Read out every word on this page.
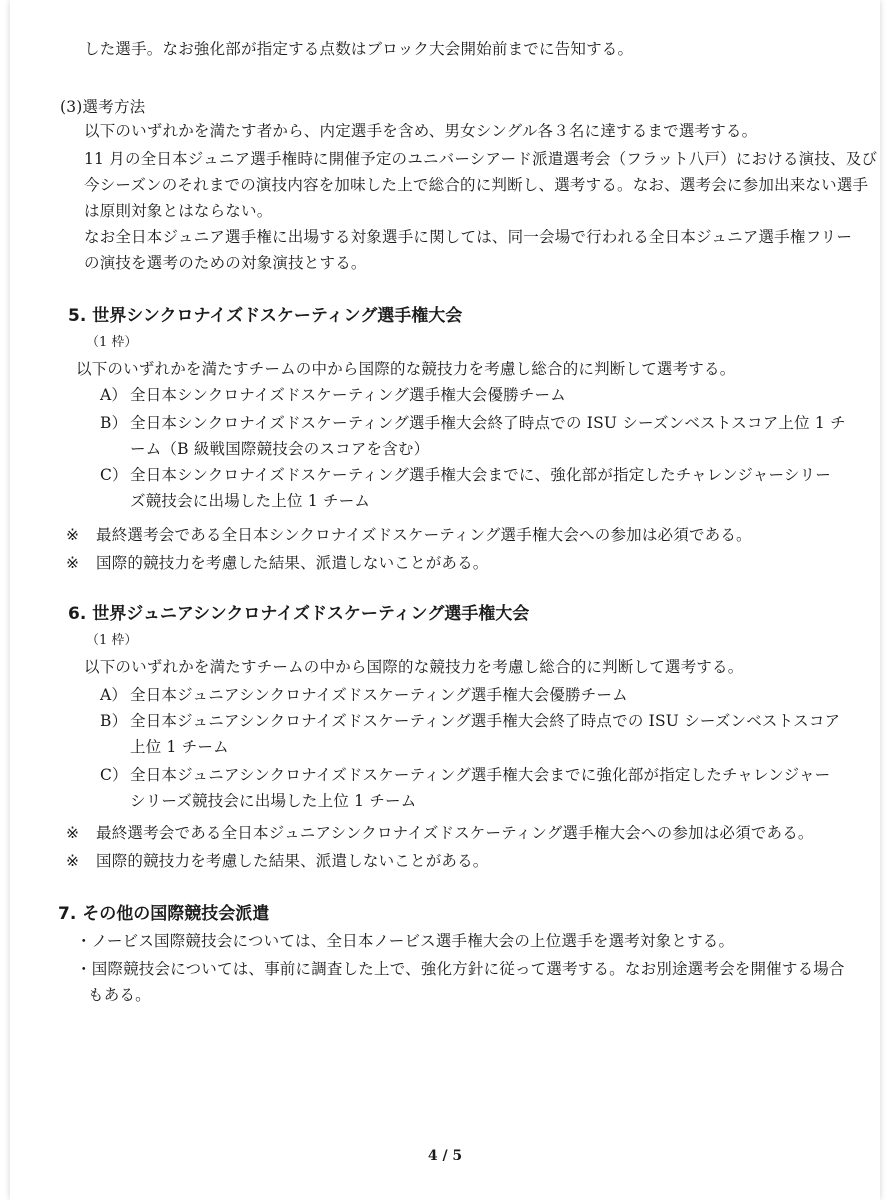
した選手。なお強化部が指定する点数はブロック大会開始前までに告知する。
(3)選考方法
以下のいずれかを満たす者から、内定選手を含め、男女シングル各３名に達するまで選考する。
11 月の全日本ジュニア選手権時に開催予定のユニバーシアード派遣選考会（フラット八戸）における演技、及び
今シーズンのそれまでの演技内容を加味した上で総合的に判断し、選考する。なお、選考会に参加出来ない選手
は原則対象とはならない。
なお全日本ジュニア選手権に出場する対象選手に関しては、同一会場で行われる全日本ジュニア選手権フリー
の演技を選考のための対象演技とする。
5. 世界シンクロナイズドスケーティング選手権大会
（1 枠）
以下のいずれかを満たすチームの中から国際的な競技力を考慮し総合的に判断して選考する。
A） 全日本シンクロナイズドスケーティング選手権大会優勝チーム
B） 全日本シンクロナイズドスケーティング選手権大会終了時点での ISU シーズンベストスコア上位 1 チ
ーム（B 級戦国際競技会のスコアを含む）
C） 全日本シンクロナイズドスケーティング選手権大会までに、強化部が指定したチャレンジャーシリー
ズ競技会に出場した上位 1 チーム
※ 最終選考会である全日本シンクロナイズドスケーティング選手権大会への参加は必須である。
※ 国際的競技力を考慮した結果、派遣しないことがある。
6. 世界ジュニアシンクロナイズドスケーティング選手権大会
（1 枠）
以下のいずれかを満たすチームの中から国際的な競技力を考慮し総合的に判断して選考する。
A） 全日本ジュニアシンクロナイズドスケーティング選手権大会優勝チーム
B） 全日本ジュニアシンクロナイズドスケーティング選手権大会終了時点での ISU シーズンベストスコア
上位 1 チーム
C） 全日本ジュニアシンクロナイズドスケーティング選手権大会までに強化部が指定したチャレンジャー
シリーズ競技会に出場した上位 1 チーム
※ 最終選考会である全日本ジュニアシンクロナイズドスケーティング選手権大会への参加は必須である。
※ 国際的競技力を考慮した結果、派遣しないことがある。
7. その他の国際競技会派遣
・ノービス国際競技会については、全日本ノービス選手権大会の上位選手を選考対象とする。
・国際競技会については、事前に調査した上で、強化方針に従って選考する。なお別途選考会を開催する場合
もある。
4 / 5
